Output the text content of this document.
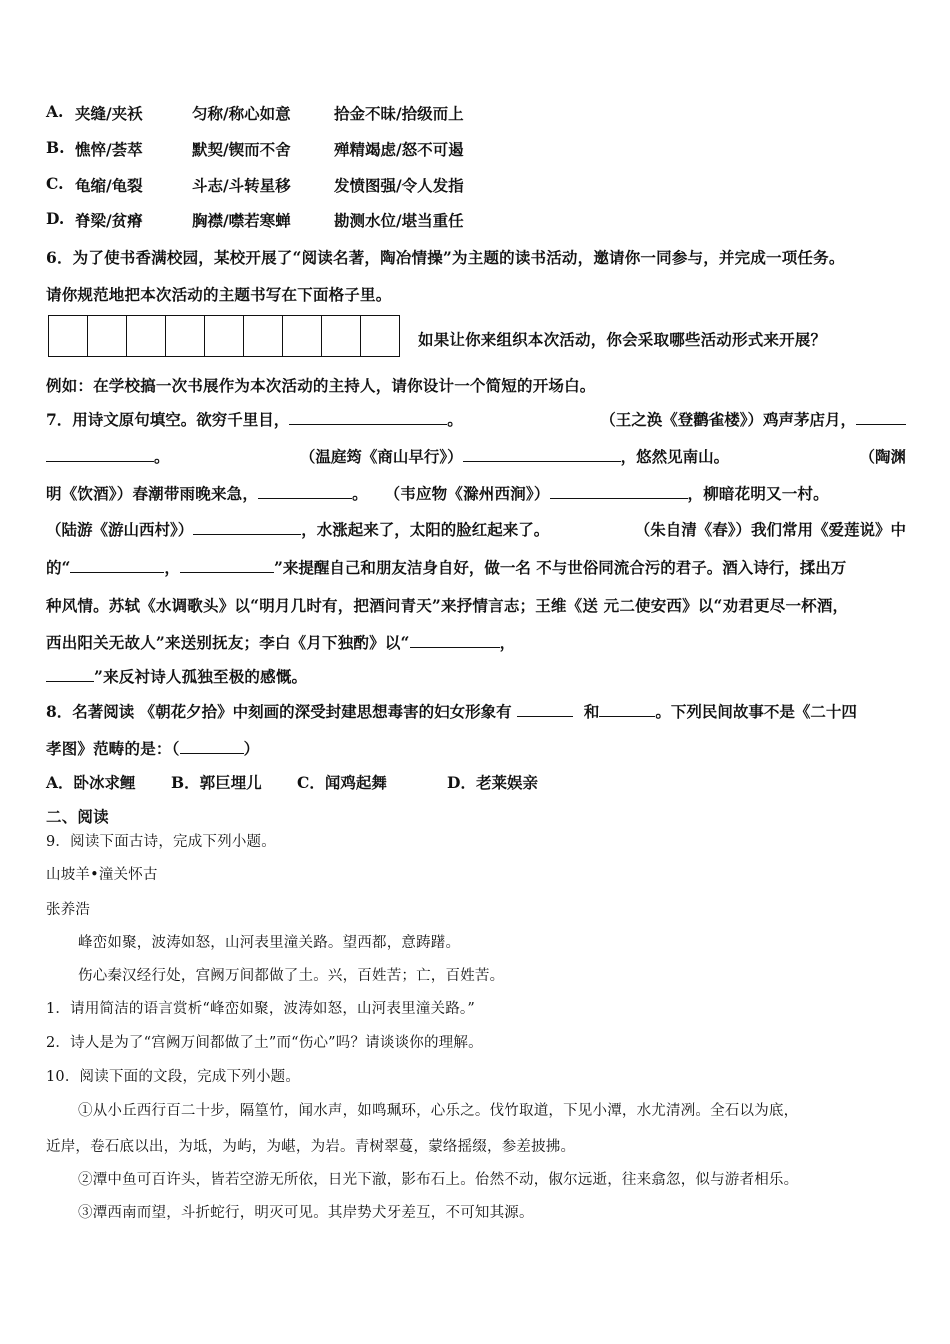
A. 夹缝/夹袄	匀称/称心如意	拾金不昧/拾级而上
B. 憔悴/荟萃	默契/锲而不舍	殚精竭虑/怒不可遏
C. 龟缩/龟裂	斗志/斗转星移	发愤图强/令人发指
D. 脊梁/贫瘠	胸襟/噤若寒蝉	勘测水位/堪当重任
6．为了使书香满校园，某校开展了“阅读名著，陶冶情操”为主题的读书活动，邀请你一同参与，并完成一项任务。
请你规范地把本次活动的主题书写在下面格子里。
如果让你来组织本次活动，你会采取哪些活动形式来开展？
例如：在学校搞一次书展作为本次活动的主持人，请你设计一个简短的开场白。
7．用诗文原句填空。欲穷千里目，	。	（王之涣《登鹳雀楼》）鸡声茅店月，
。	（温庭筠《商山早行》）	，悠然见南山。	（陶渊
明《饮酒》）春潮带雨晚来急，	。 （韦应物《滁州西涧》）	，柳暗花明又一村。
（陆游《游山西村》）	，水涨起来了，太阳的脸红起来了。	（朱自清《春》）我们常用《爱莲说》中
的“	，	”来提醒自己和朋友洁身自好，做一名 不与世俗同流合污的君子。酒入诗行，揉出万
种风情。苏轼《水调歌头》以“明月几时有，把酒问青天”来抒情言志；王维《送 元二使安西》以“劝君更尽一杯酒，
西出阳关无故人”来送别抚友；李白《月下独酌》以“	，
”来反衬诗人孤独至极的感慨。
8．名著阅读 《朝花夕拾》中刻画的深受封建思想毒害的妇女形象有	和	。下列民间故事不是《二十四
孝图》范畴的是：（	）
A．卧冰求鲤 B．郭巨埋儿 C．闻鸡起舞	D．老莱娱亲
二、阅读
9．阅读下面古诗，完成下列小题。
山坡羊•潼关怀古
张养浩
峰峦如聚，波涛如怒，山河表里潼关路。望西都，意踌躇。
伤心秦汉经行处，宫阙万间都做了土。兴，百姓苦；亡，百姓苦。
1．请用简洁的语言赏析“峰峦如聚，波涛如怒，山河表里潼关路。”
2．诗人是为了“宫阙万间都做了土”而“伤心”吗？请谈谈你的理解。
10．阅读下面的文段，完成下列小题。
①从小丘西行百二十步，隔篁竹，闻水声，如鸣珮环，心乐之。伐竹取道，下见小潭，水尤清冽。全石以为底，
近岸，卷石底以出，为坻，为屿，为嵁，为岩。青树翠蔓，蒙络摇缀，参差披拂。
②潭中鱼可百许头，皆若空游无所依，日光下澈，影布石上。佁然不动，俶尔远逝，往来翕忽，似与游者相乐。
③潭西南而望，斗折蛇行，明灭可见。其岸势犬牙差互，不可知其源。
